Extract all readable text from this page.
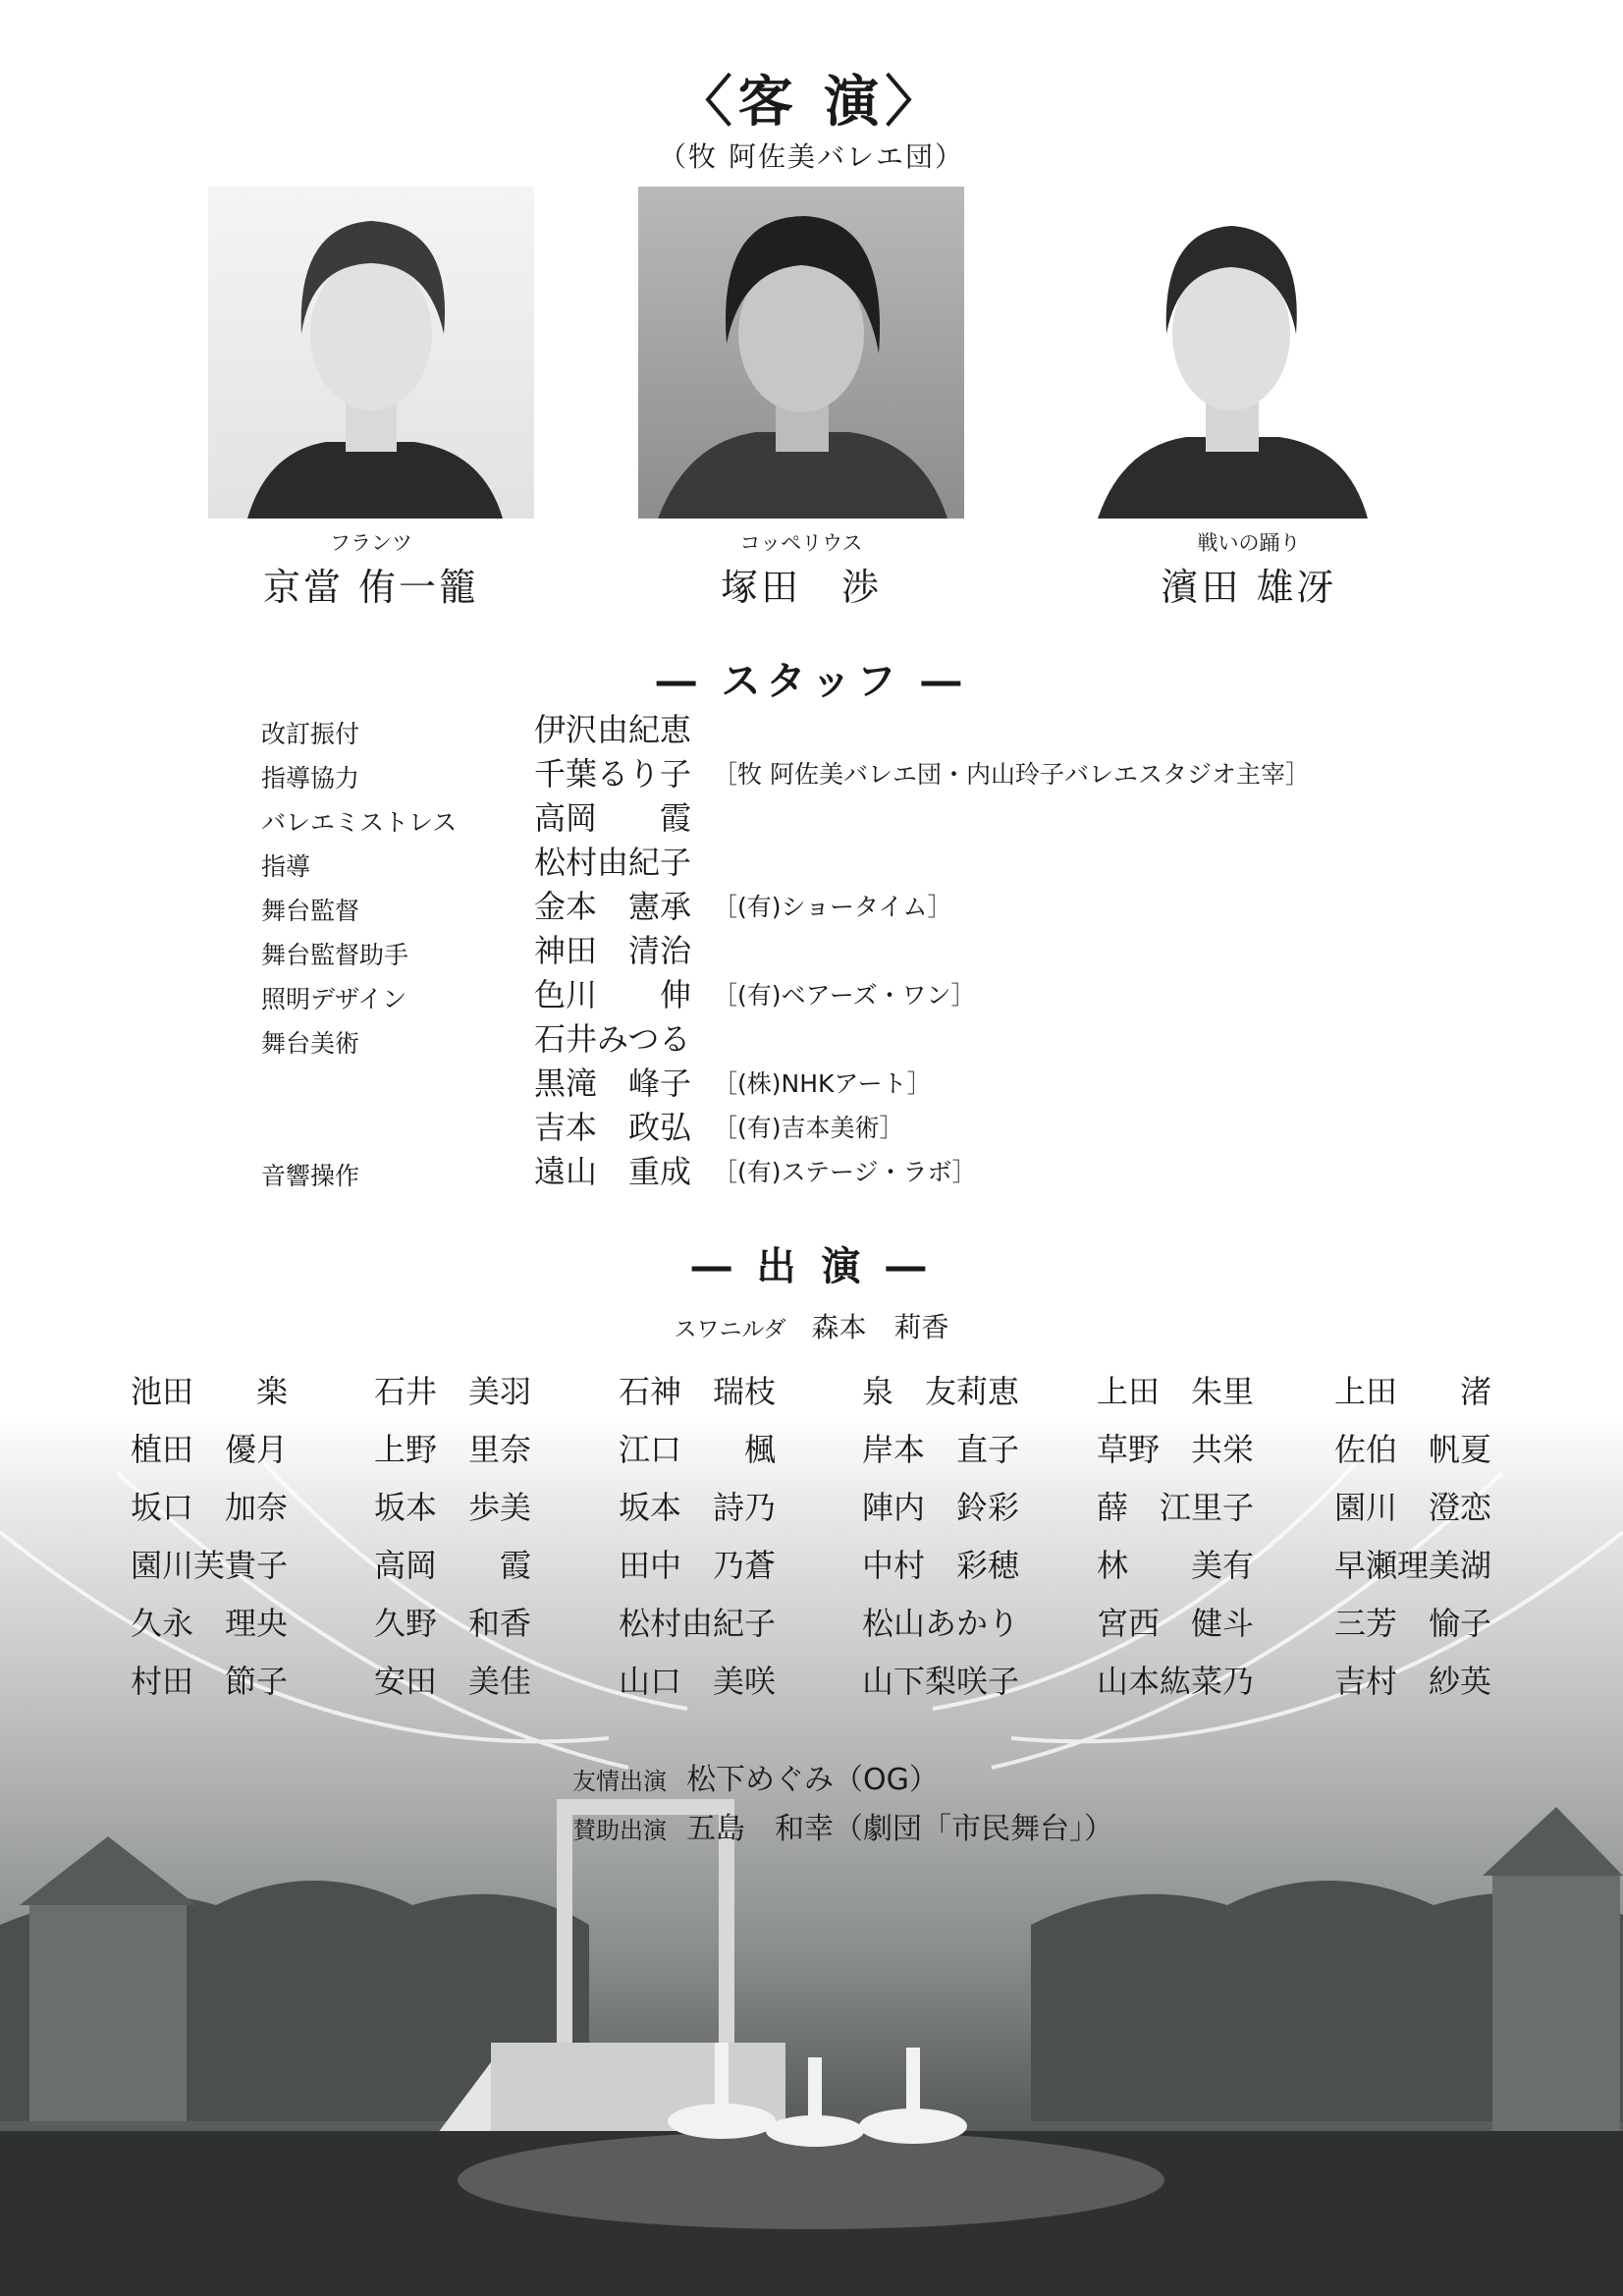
〈客 演〉
（牧 阿佐美バレエ団）
フランツ
京當 侑一籠
コッペリウス
塚田　渉
戦いの踊り
濱田 雄冴
― スタッフ ―
改訂振付	伊沢由紀恵
指導協力	千葉るり子 ［牧 阿佐美バレエ団・内山玲子バレエスタジオ主宰］
バレエミストレス	高岡　　霞
指導	松村由紀子
舞台監督	金本　憲承 ［(有)ショータイム］
舞台監督助手	神田　清治
照明デザイン	色川　　伸 ［(有)ベアーズ・ワン］
舞台美術	石井みつる
黒滝　峰子 ［(株)NHKアート］
吉本　政弘 ［(有)吉本美術］
音響操作	遠山　重成 ［(有)ステージ・ラボ］
― 出 演 ―
スワニルダ 森本　莉香
池田　　楽	石井　美羽	石神　瑞枝	泉　友莉恵	上田　朱里	上田　　渚
植田　優月	上野　里奈	江口　　楓	岸本　直子	草野　共栄	佐伯　帆夏
坂口　加奈	坂本　歩美	坂本　詩乃	陣内　鈴彩	薛　江里子	園川　澄恋
園川芙貴子	高岡　　霞	田中　乃蒼	中村　彩穂	林　　美有	早瀬理美湖
久永　理央	久野　和香	松村由紀子	松山あかり	宮西　健斗	三芳　愉子
村田　節子	安田　美佳	山口　美咲	山下梨咲子	山本紘菜乃	吉村　紗英

友情出演 松下めぐみ（OG）

賛助出演 五島　和幸（劇団「市民舞台」）
